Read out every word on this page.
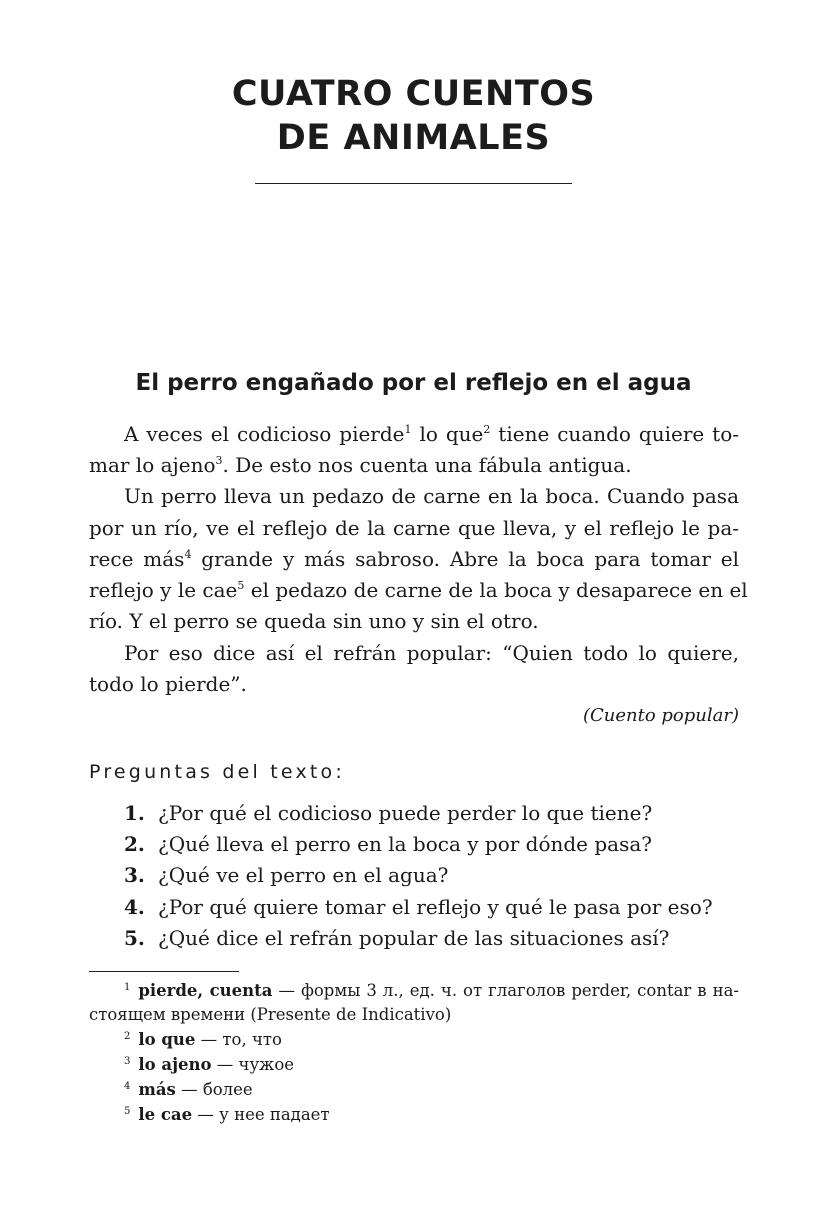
CUATRO CUENTOS
DE ANIMALES
El perro engañado por el reflejo en el agua
A veces el codicioso pierde$^1$ lo que$^2$ tiene cuando quiere to-
mar lo ajeno$^3$. De esto nos cuenta una fábula antigua.
Un perro lleva un pedazo de carne en la boca. Cuando pasa
por un río, ve el reflejo de la carne que lleva, y el reflejo le pa-
rece más$^4$ grande y más sabroso. Abre la boca para tomar el
reflejo y le cae$^5$ el pedazo de carne de la boca y desaparece en el
río. Y el perro se queda sin uno y sin el otro.
Por eso dice así el refrán popular: “Quien todo lo quiere,
todo lo pierde”.
(Cuento popular)
Preguntas del texto:
1. ¿Por qué el codicioso puede perder lo que tiene?
2. ¿Qué lleva el perro en la boca y por dónde pasa?
3. ¿Qué ve el perro en el agua?
4. ¿Por qué quiere tomar el reflejo y qué le pasa por eso?
5. ¿Qué dice el refrán popular de las situaciones así?
$^1$ pierde, cuenta — формы 3 л., ед. ч. от глаголов perder, contar в на-
стоящем времени (Presente de Indicativo)
$^2$ lo que — то, что
$^3$ lo ajeno — чужое
$^4$ más — более
$^5$ le cae — у нее падает
